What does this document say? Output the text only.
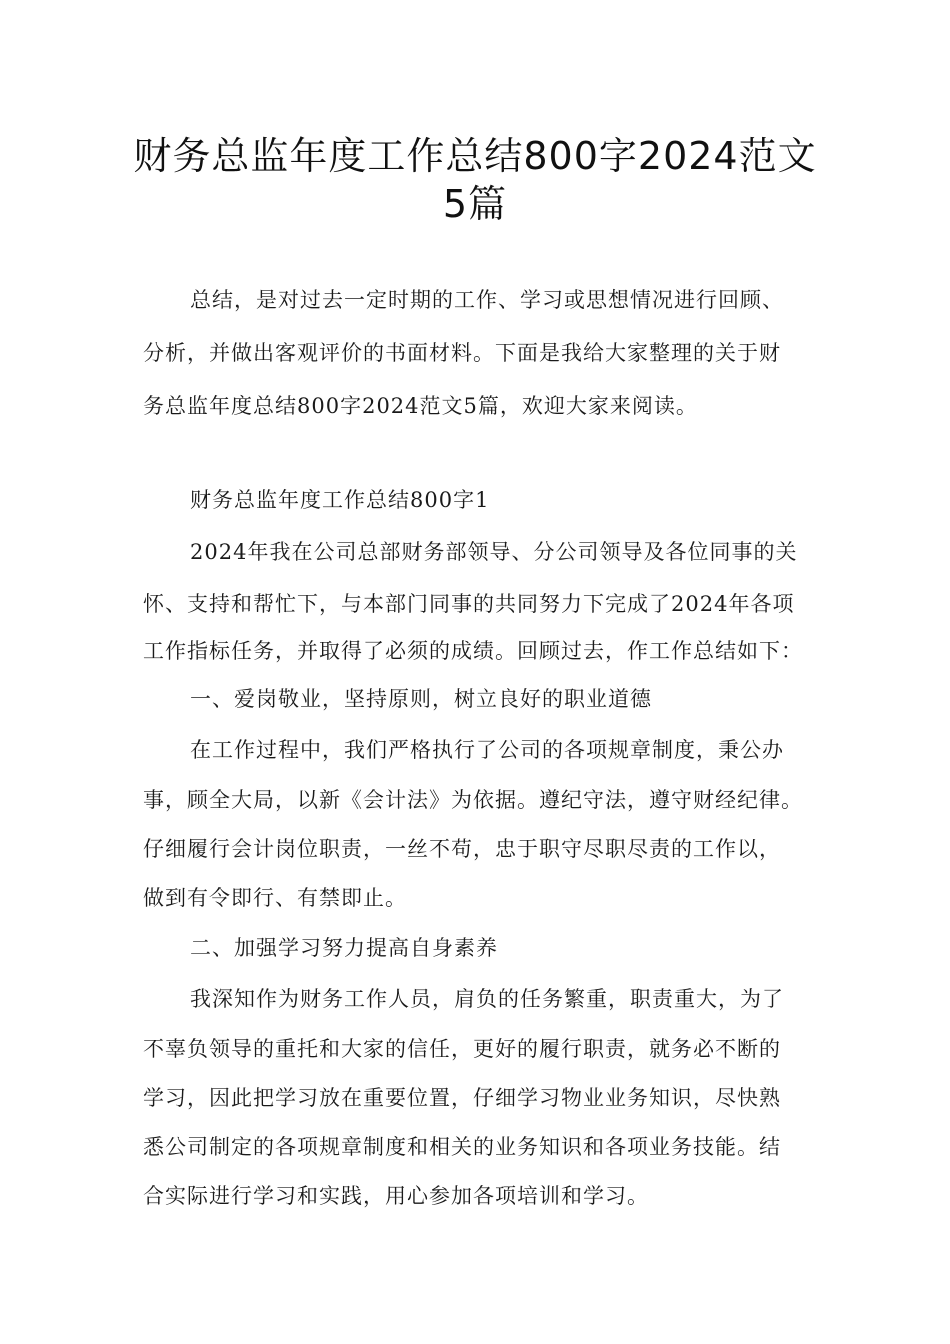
财务总监年度工作总结800字2024范文
5篇
总结，是对过去一定时期的工作、学习或思想情况进行回顾、
分析，并做出客观评价的书面材料。下面是我给大家整理的关于财
务总监年度总结800字2024范文5篇，欢迎大家来阅读。
财务总监年度工作总结800字1
2024年我在公司总部财务部领导、分公司领导及各位同事的关
怀、支持和帮忙下，与本部门同事的共同努力下完成了2024年各项
工作指标任务，并取得了必须的成绩。回顾过去，作工作总结如下：
一、爱岗敬业，坚持原则，树立良好的职业道德
在工作过程中，我们严格执行了公司的各项规章制度，秉公办
事，顾全大局，以新《会计法》为依据。遵纪守法，遵守财经纪律。
仔细履行会计岗位职责，一丝不苟，忠于职守尽职尽责的工作以，
做到有令即行、有禁即止。
二、加强学习努力提高自身素养
我深知作为财务工作人员，肩负的任务繁重，职责重大，为了
不辜负领导的重托和大家的信任，更好的履行职责，就务必不断的
学习，因此把学习放在重要位置，仔细学习物业业务知识，尽快熟
悉公司制定的各项规章制度和相关的业务知识和各项业务技能。结
合实际进行学习和实践，用心参加各项培训和学习。
